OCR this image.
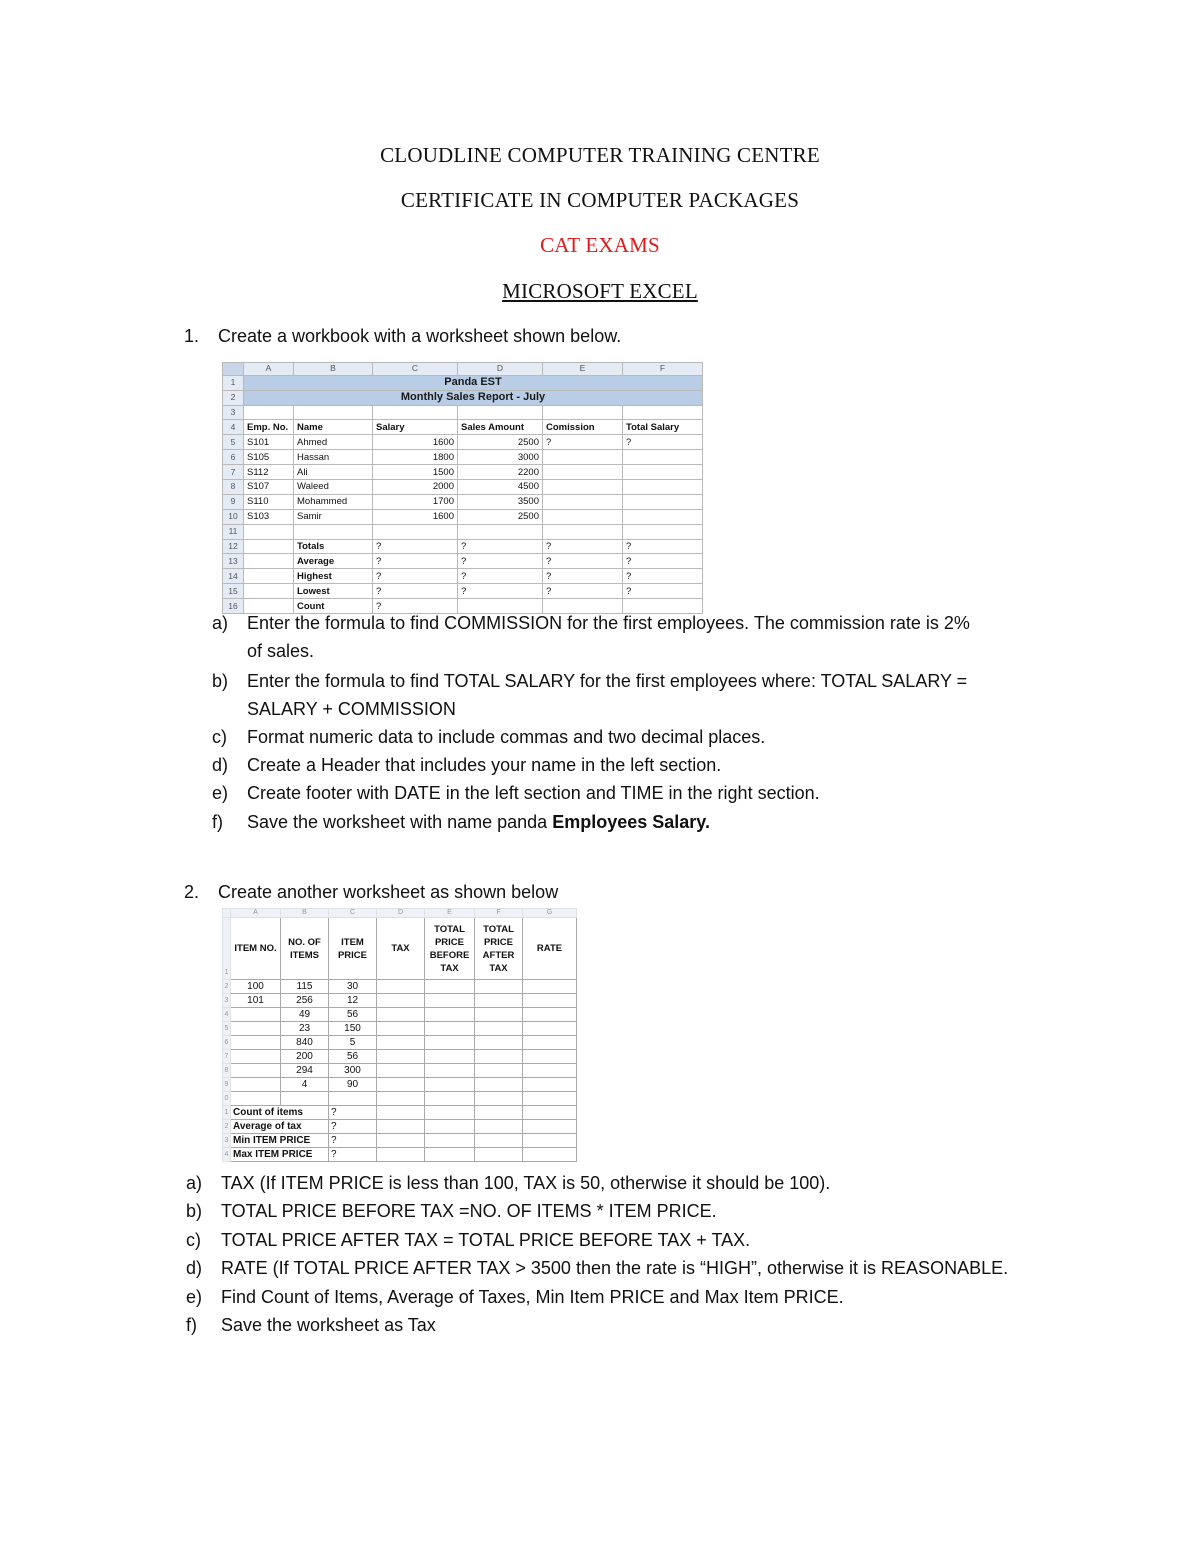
CLOUDLINE COMPUTER TRAINING CENTRE
CERTIFICATE IN COMPUTER PACKAGES
CAT EXAMS
MICROSOFT EXCEL
1. Create a workbook with a worksheet shown below.
	A	B	C	D	E	F
1	Panda EST					
2	Monthly Sales Report - July					
3						
4	Emp. No.	Name	Salary	Sales Amount	Comission	Total Salary
5	S101	Ahmed	1600	2500	?	?
6	S105	Hassan	1800	3000		
7	S112	Ali	1500	2200		
8	S107	Waleed	2000	4500		
9	S110	Mohammed	1700	3500		
10	S103	Samir	1600	2500		
11						
12		Totals	?	?	?	?
13		Average	?	?	?	?
14		Highest	?	?	?	?
15		Lowest	?	?	?	?
16		Count	?			
a) Enter the formula to find COMMISSION for the first employees. The commission rate is 2%
of sales.
b) Enter the formula to find TOTAL SALARY for the first employees where: TOTAL SALARY =
SALARY + COMMISSION
c) Format numeric data to include commas and two decimal places.
d) Create a Header that includes your name in the left section.
e) Create footer with DATE in the left section and TIME in the right section.
f) Save the worksheet with name panda Employees Salary.
2. Create another worksheet as shown below
	A	B	C	D	E	F	G
1	ITEM NO.	NO. OF ITEMS	ITEM PRICE	TAX	TOTAL PRICE BEFORE TAX	TOTAL PRICE AFTER TAX	RATE
2	100	115	30				
3	101	256	12				
4		49	56				
5		23	150				
6		840	5				
7		200	56				
8		294	300				
9		4	90				
0							
1	Count of items		?				
2	Average of tax		?				
3	Min ITEM PRICE		?				
4	Max ITEM PRICE		?				
a) TAX (If ITEM PRICE is less than 100, TAX is 50, otherwise it should be 100).
b) TOTAL PRICE BEFORE TAX =NO. OF ITEMS * ITEM PRICE.
c) TOTAL PRICE AFTER TAX = TOTAL PRICE BEFORE TAX + TAX.
d) RATE (If TOTAL PRICE AFTER TAX > 3500 then the rate is “HIGH”, otherwise it is REASONABLE.
e) Find Count of Items, Average of Taxes, Min Item PRICE and Max Item PRICE.
f) Save the worksheet as Tax
